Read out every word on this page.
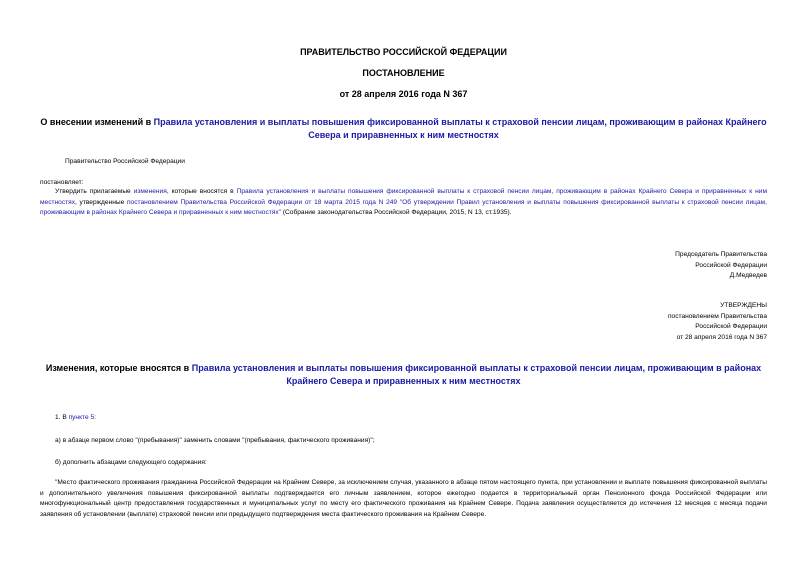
ПРАВИТЕЛЬСТВО РОССИЙСКОЙ ФЕДЕРАЦИИ
ПОСТАНОВЛЕНИЕ
от 28 апреля 2016 года N 367
О внесении изменений в Правила установления и выплаты повышения фиксированной выплаты к страховой пенсии лицам, проживающим в районах Крайнего Севера и приравненных к ним местностях
Правительство Российской Федерации
постановляет:
Утвердить прилагаемые изменения, которые вносятся в Правила установления и выплаты повышения фиксированной выплаты к страховой пенсии лицам, проживающим в районах Крайнего Севера и приравненных к ним местностях, утвержденные постановлением Правительства Российской Федерации от 18 марта 2015 года N 249 "Об утверждении Правил установления и выплаты повышения фиксированной выплаты к страховой пенсии лицам, проживающим в районах Крайнего Севера и приравненных к ним местностях" (Собрание законодательства Российской Федерации, 2015, N 13, ст.1935).
Председатель Правительства
Российской Федерации
Д.Медведев
УТВЕРЖДЕНЫ
постановлением Правительства
Российской Федерации
от 28 апреля 2016 года N 367
Изменения, которые вносятся в Правила установления и выплаты повышения фиксированной выплаты к страховой пенсии лицам, проживающим в районах Крайнего Севера и приравненных к ним местностях
1. В пункте 5:
а) в абзаце первом слово "(пребывания)" заменить словами "(пребывания, фактического проживания)";
б) дополнить абзацами следующего содержания:
"Место фактического проживания гражданина Российской Федерации на Крайнем Севере, за исключением случая, указанного в абзаце пятом настоящего пункта, при установлении и выплате повышения фиксированной выплаты и дополнительного увеличения повышения фиксированной выплаты подтверждается его личным заявлением, которое ежегодно подается в территориальный орган Пенсионного фонда Российской Федерации или многофункциональный центр предоставления государственных и муниципальных услуг по месту его фактического проживания на Крайнем Севере. Подача заявления осуществляется до истечения 12 месяцев с месяца подачи заявления об установлении (выплате) страховой пенсии или предыдущего подтверждения места фактического проживания на Крайнем Севере.
